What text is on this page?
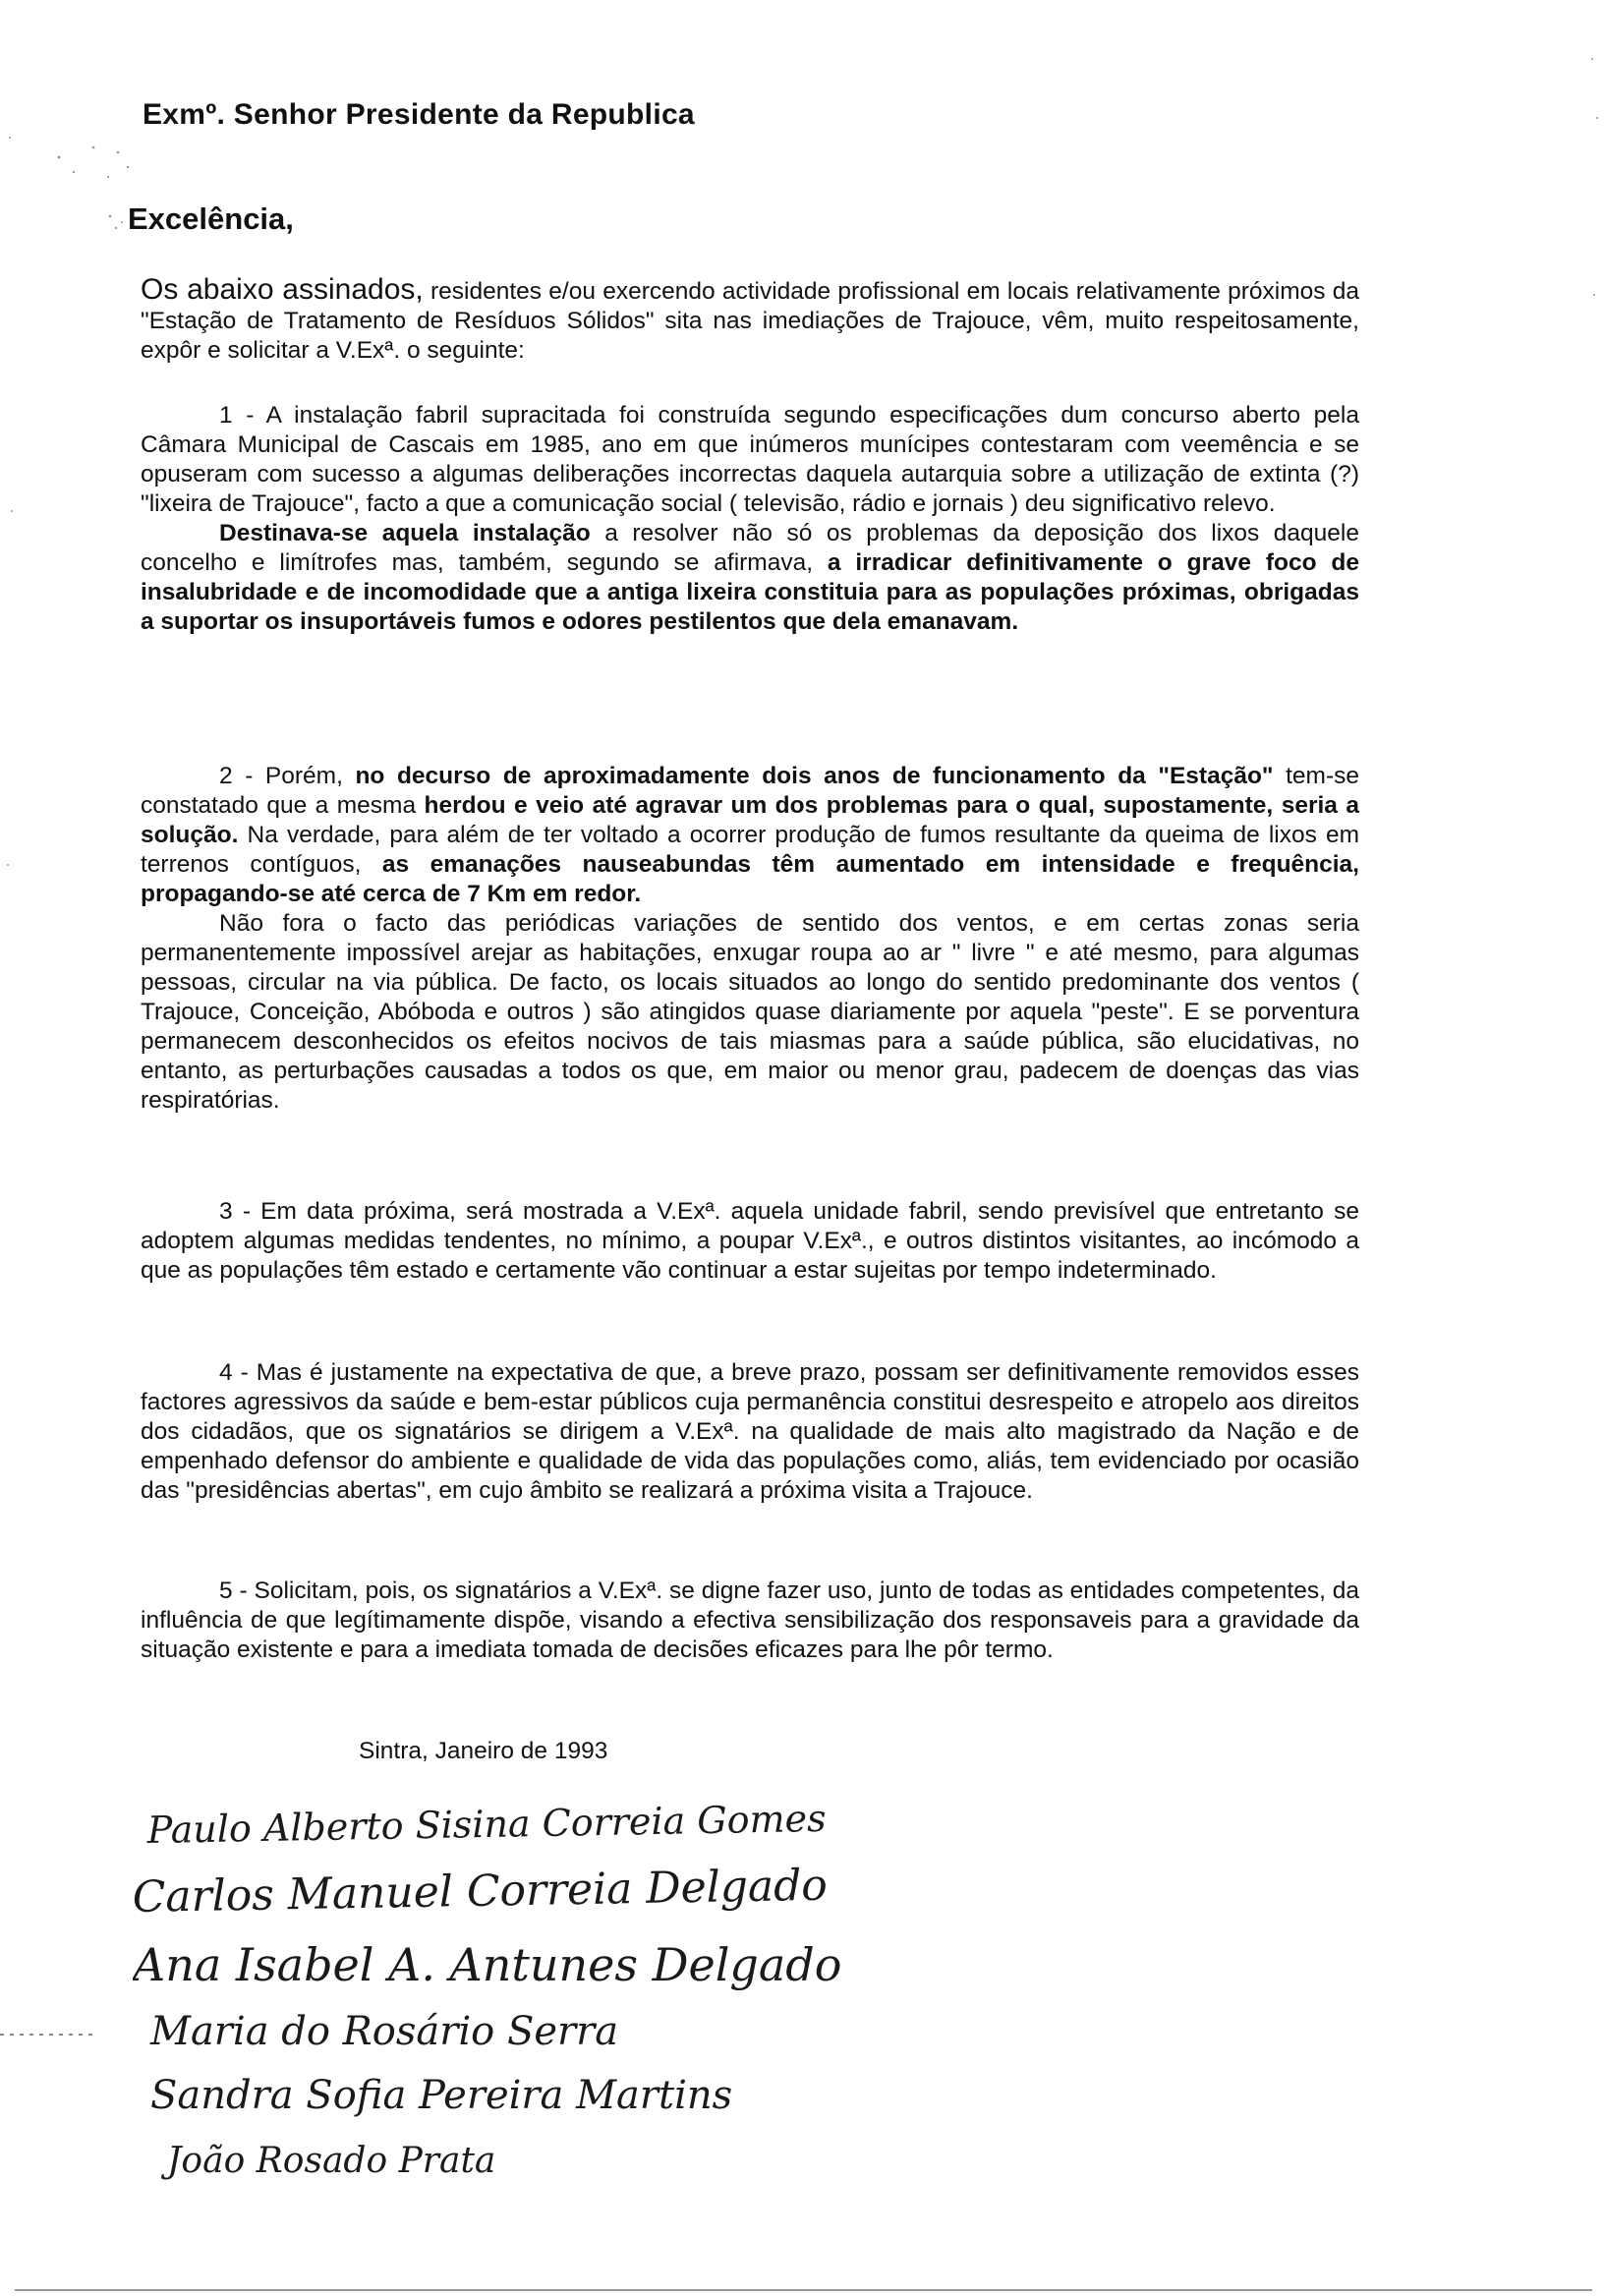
Exmº. Senhor Presidente da Republica
Excelência,
Os abaixo assinados, residentes e/ou exercendo actividade profissional em locais relativamente próximos da "Estação de Tratamento de Resíduos Sólidos" sita nas imediações de Trajouce, vêm, muito respeitosamente, expôr e solicitar a V.Exª. o seguinte:

1 - A instalação fabril supracitada foi construída segundo especificações dum concurso aberto pela Câmara Municipal de Cascais em 1985, ano em que inúmeros munícipes contestaram com veemência e se opuseram com sucesso a algumas deliberações incorrectas daquela autarquia sobre a utilização de extinta (?) "lixeira de Trajouce", facto a que a comunicação social ( televisão, rádio e jornais ) deu significativo relevo.

Destinava-se aquela instalação a resolver não só os problemas da deposição dos lixos daquele concelho e limítrofes mas, também, segundo se afirmava, a irradicar definitivamente o grave foco de insalubridade e de incomodidade que a antiga lixeira constituia para as populações próximas, obrigadas a suportar os insuportáveis fumos e odores pestilentos que dela emanavam.

2 - Porém, no decurso de aproximadamente dois anos de funcionamento da "Estação" tem-se constatado que a mesma herdou e veio até agravar um dos problemas para o qual, supostamente, seria a solução. Na verdade, para além de ter voltado a ocorrer produção de fumos resultante da queima de lixos em terrenos contíguos, as emanações nauseabundas têm aumentado em intensidade e frequência, propagando-se até cerca de 7 Km em redor.

Não fora o facto das periódicas variações de sentido dos ventos, e em certas zonas seria permanentemente impossível arejar as habitações, enxugar roupa ao ar " livre " e até mesmo, para algumas pessoas, circular na via pública. De facto, os locais situados ao longo do sentido predominante dos ventos ( Trajouce, Conceição, Abóboda e outros ) são atingidos quase diariamente por aquela "peste". E se porventura permanecem desconhecidos os efeitos nocivos de tais miasmas para a saúde pública, são elucidativas, no entanto, as perturbações causadas a todos os que, em maior ou menor grau, padecem de doenças das vias respiratórias.

3 - Em data próxima, será mostrada a V.Exª. aquela unidade fabril, sendo previsível que entretanto se adoptem algumas medidas tendentes, no mínimo, a poupar V.Exª., e outros distintos visitantes, ao incómodo a que as populações têm estado e certamente vão continuar a estar sujeitas por tempo indeterminado.

4 - Mas é justamente na expectativa de que, a breve prazo, possam ser definitivamente removidos esses factores agressivos da saúde e bem-estar públicos cuja permanência constitui desrespeito e atropelo aos direitos dos cidadãos, que os signatários se dirigem a V.Exª. na qualidade de mais alto magistrado da Nação e de empenhado defensor do ambiente e qualidade de vida das populações como, aliás, tem evidenciado por ocasião das "presidências abertas", em cujo âmbito se realizará a próxima visita a Trajouce.

5 - Solicitam, pois, os signatários a V.Exª. se digne fazer uso, junto de todas as entidades competentes, da influência de que legítimamente dispõe, visando a efectiva sensibilização dos responsaveis para a gravidade da situação existente e para a imediata tomada de decisões eficazes para lhe pôr termo.

Sintra, Janeiro de 1993
Paulo Alberto Sisina Correia Gomes
Carlos Manuel Correia Delgado
Ana Isabel A. Antunes Delgado
Maria do Rosário Serra
Sandra Sofia Pereira Martins
João Rosado Prata
